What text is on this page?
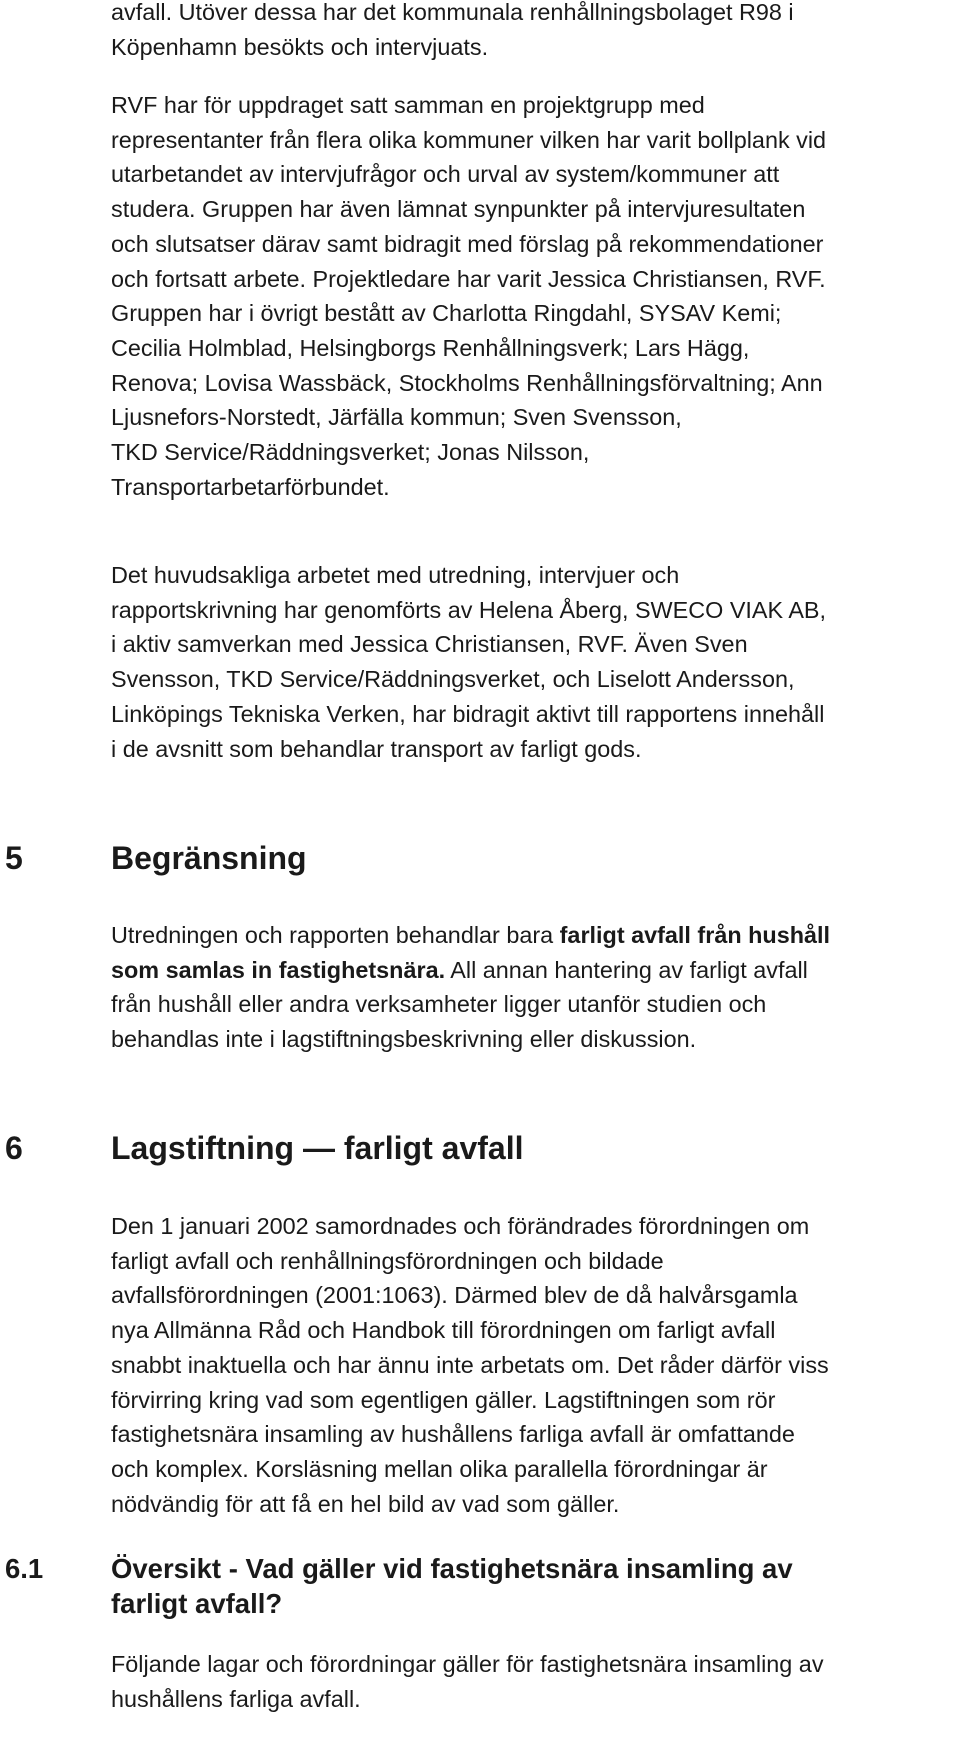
avfall. Utöver dessa har det kommunala renhållningsbolaget R98 i
Köpenhamn besökts och intervjuats.
RVF har för uppdraget satt samman en projektgrupp med
representanter från flera olika kommuner vilken har varit bollplank vid
utarbetandet av intervjufrågor och urval av system/kommuner att
studera. Gruppen har även lämnat synpunkter på intervjuresultaten
och slutsatser därav samt bidragit med förslag på rekommendationer
och fortsatt arbete. Projektledare har varit Jessica Christiansen, RVF.
Gruppen har i övrigt bestått av Charlotta Ringdahl, SYSAV Kemi;
Cecilia Holmblad, Helsingborgs Renhållningsverk; Lars Hägg,
Renova; Lovisa Wassbäck, Stockholms Renhållningsförvaltning; Ann
Ljusnefors-Norstedt, Järfälla kommun; Sven Svensson,
TKD Service/Räddningsverket; Jonas Nilsson,
Transportarbetarförbundet.
Det huvudsakliga arbetet med utredning, intervjuer och
rapportskrivning har genomförts av Helena Åberg, SWECO VIAK AB,
i aktiv samverkan med Jessica Christiansen, RVF. Även Sven
Svensson, TKD Service/Räddningsverket, och Liselott Andersson,
Linköpings Tekniska Verken, har bidragit aktivt till rapportens innehåll
i de avsnitt som behandlar transport av farligt gods.
5	Begränsning
Utredningen och rapporten behandlar bara farligt avfall från hushåll
som samlas in fastighetsnära. All annan hantering av farligt avfall
från hushåll eller andra verksamheter ligger utanför studien och
behandlas inte i lagstiftningsbeskrivning eller diskussion.
6	Lagstiftning — farligt avfall
Den 1 januari 2002 samordnades och förändrades förordningen om
farligt avfall och renhållningsförordningen och bildade
avfallsförordningen (2001:1063). Därmed blev de då halvårsgamla
nya Allmänna Råd och Handbok till förordningen om farligt avfall
snabbt inaktuella och har ännu inte arbetats om. Det råder därför viss
förvirring kring vad som egentligen gäller. Lagstiftningen som rör
fastighetsnära insamling av hushållens farliga avfall är omfattande
och komplex. Korsläsning mellan olika parallella förordningar är
nödvändig för att få en hel bild av vad som gäller.
6.1 Översikt - Vad gäller vid fastighetsnära insamling av
farligt avfall?
Följande lagar och förordningar gäller för fastighetsnära insamling av
hushållens farliga avfall.
